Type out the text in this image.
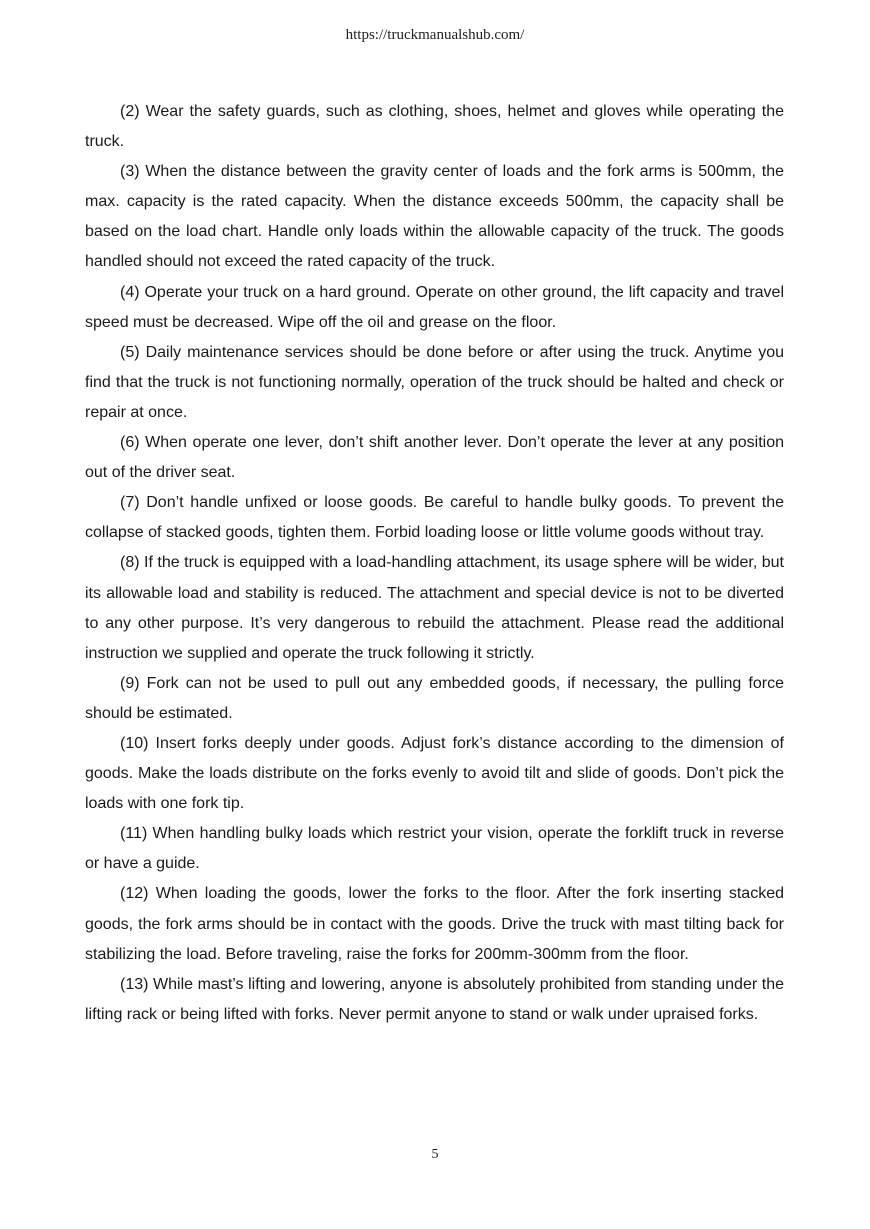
https://truckmanualshub.com/

(2) Wear the safety guards, such as clothing, shoes, helmet and gloves while operating the truck.

(3) When the distance between the gravity center of loads and the fork arms is 500mm, the max. capacity is the rated capacity. When the distance exceeds 500mm, the capacity shall be based on the load chart. Handle only loads within the allowable capacity of the truck. The goods handled should not exceed the rated capacity of the truck.

(4) Operate your truck on a hard ground. Operate on other ground, the lift capacity and travel speed must be decreased. Wipe off the oil and grease on the floor.

(5) Daily maintenance services should be done before or after using the truck. Anytime you find that the truck is not functioning normally, operation of the truck should be halted and check or repair at once.

(6) When operate one lever, don’t shift another lever. Don’t operate the lever at any position out of the driver seat.

(7) Don’t handle unfixed or loose goods. Be careful to handle bulky goods. To prevent the collapse of stacked goods, tighten them. Forbid loading loose or little volume goods without tray.

(8) If the truck is equipped with a load-handling attachment, its usage sphere will be wider, but its allowable load and stability is reduced. The attachment and special device is not to be diverted to any other purpose. It’s very dangerous to rebuild the attachment. Please read the additional instruction we supplied and operate the truck following it strictly.

(9) Fork can not be used to pull out any embedded goods, if necessary, the pulling force should be estimated.

(10) Insert forks deeply under goods. Adjust fork’s distance according to the dimension of goods. Make the loads distribute on the forks evenly to avoid tilt and slide of goods. Don’t pick the loads with one fork tip.

(11) When handling bulky loads which restrict your vision, operate the forklift truck in reverse or have a guide.

(12) When loading the goods, lower the forks to the floor. After the fork inserting stacked goods, the fork arms should be in contact with the goods. Drive the truck with mast tilting back for stabilizing the load. Before traveling, raise the forks for 200mm-300mm from the floor.

(13) While mast’s lifting and lowering, anyone is absolutely prohibited from standing under the lifting rack or being lifted with forks. Never permit anyone to stand or walk under upraised forks.

5
